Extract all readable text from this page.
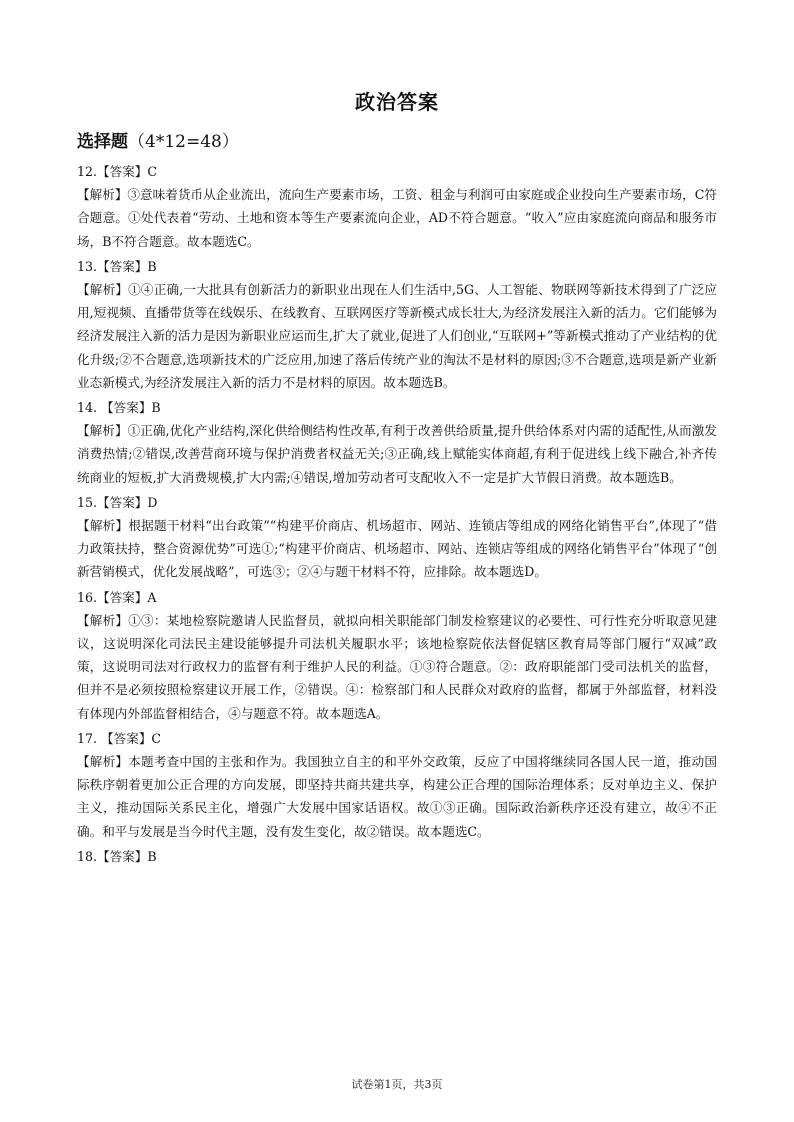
政治答案
选择题（4*12=48）

12.【答案】C

【解析】③意味着货币从企业流出，流向生产要素市场，工资、租金与利润可由家庭或企业投向生产要素市场，C符合题意。①处代表着“劳动、土地和资本等生产要素流向企业，AD不符合题意。“收入”应由家庭流向商品和服务市场，B不符合题意。故本题选C。

13.【答案】B

【解析】①④正确,一大批具有创新活力的新职业出现在人们生活中,5G、人工智能、物联网等新技术得到了广泛应用,短视频、直播带货等在线娱乐、在线教育、互联网医疗等新模式成长壮大,为经济发展注入新的活力。它们能够为经济发展注入新的活力是因为新职业应运而生,扩大了就业,促进了人们创业,“互联网+”等新模式推动了产业结构的优化升级;②不合题意,选项新技术的广泛应用,加速了落后传统产业的淘汰不是材料的原因;③不合题意,选项是新产业新业态新模式,为经济发展注入新的活力不是材料的原因。故本题选B。

14. 【答案】B

【解析】①正确,优化产业结构,深化供给侧结构性改革,有利于改善供给质量,提升供给体系对内需的适配性,从而激发消费热情;②错误,改善营商环境与保护消费者权益无关;③正确,线上赋能实体商超,有利于促进线上线下融合,补齐传统商业的短板,扩大消费规模,扩大内需;④错误,增加劳动者可支配收入不一定是扩大节假日消费。故本题选B。

15.【答案】D

【解析】根据题干材料“出台政策”“构建平价商店、机场超市、网站、连锁店等组成的网络化销售平台”,体现了“借力政策扶持，整合资源优势”可选①;“构建平价商店、机场超市、网站、连锁店等组成的网络化销售平台”体现了“创新营销模式，优化发展战略”，可选③；②④与题干材料不符，应排除。故本题选D。

16.【答案】A

【解析】①③：某地检察院邀请人民监督员，就拟向相关职能部门制发检察建议的必要性、可行性充分听取意见建议，这说明深化司法民主建设能够提升司法机关履职水平；该地检察院依法督促辖区教育局等部门履行“双减”政策，这说明司法对行政权力的监督有利于维护人民的利益。①③符合题意。②：政府职能部门受司法机关的监督，但并不是必须按照检察建议开展工作，②错误。④：检察部门和人民群众对政府的监督，都属于外部监督，材料没有体现内外部监督相结合，④与题意不符。故本题选A。

17. 【答案】C

【解析】本题考查中国的主张和作为。我国独立自主的和平外交政策，反应了中国将继续同各国人民一道，推动国际秩序朝着更加公正合理的方向发展，即坚持共商共建共享，构建公正合理的国际治理体系；反对单边主义、保护主义，推动国际关系民主化，增强广大发展中国家话语权。故①③正确。国际政治新秩序还没有建立，故④不正确。和平与发展是当今时代主题，没有发生变化，故②错误。故本题选C。

18.【答案】B

试卷第1页，共3页
